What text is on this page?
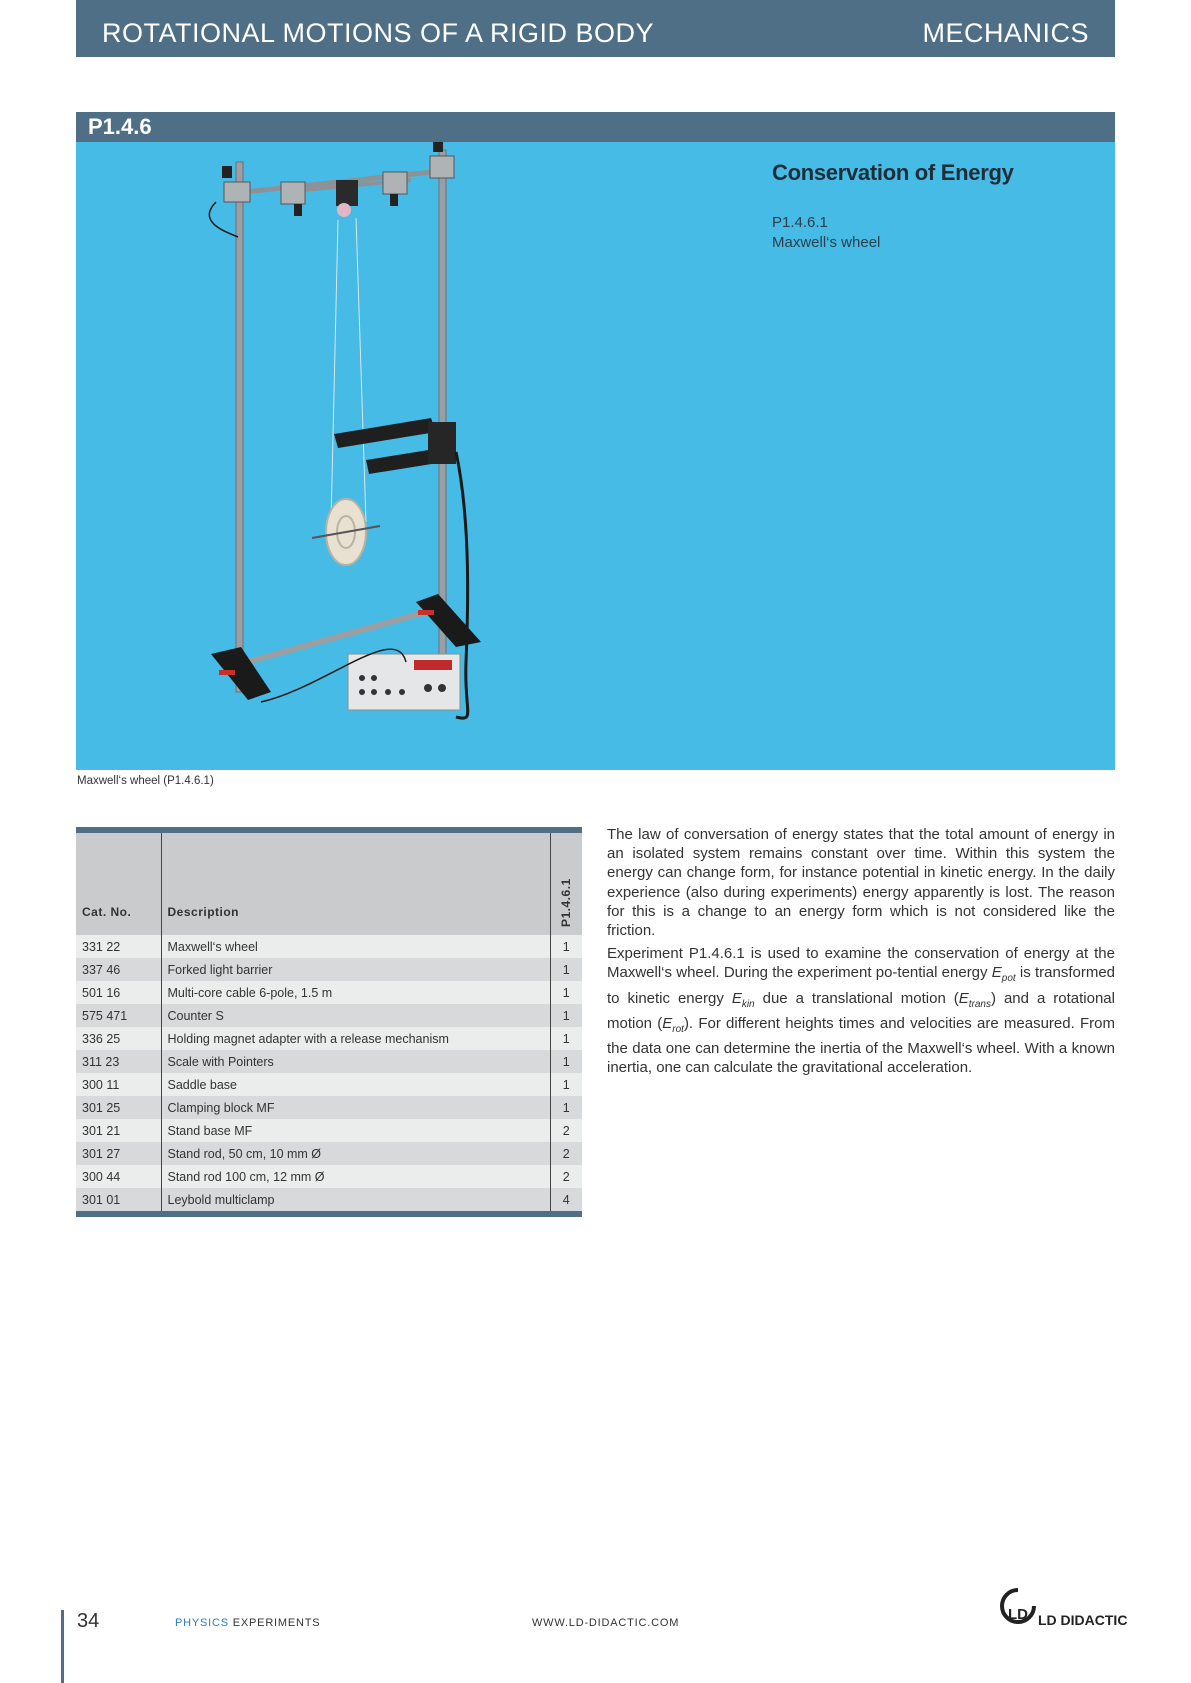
ROTATIONAL MOTIONS OF A RIGID BODY	MECHANICS
P1.4.6
Conservation of Energy
P1.4.6.1
Maxwell‘s wheel
Maxwell‘s wheel (P1.4.6.1)
Cat. No.	Description	P1.4.6.1

331 22	Maxwell‘s wheel	1
337 46	Forked light barrier	1
501 16	Multi-core cable 6-pole, 1.5 m	1
575 471	Counter S	1
336 25	Holding magnet adapter with a release mechanism	1
311 23	Scale with Pointers	1
300 11	Saddle base	1
301 25	Clamping block MF	1
301 21	Stand base MF	2
301 27	Stand rod, 50 cm, 10 mm Ø	2
300 44	Stand rod 100 cm, 12 mm Ø	2
301 01	Leybold multiclamp	4

The law of conversation of energy states that the total amount of energy in an isolated system remains constant over time. Within this system the energy can change form, for instance potential in kinetic energy. In the daily experience (also during experiments) energy apparently is lost. The reason for this is a change to an energy form which is not considered like the friction.

Experiment P1.4.6.1 is used to examine the conservation of energy at the Maxwell‘s wheel. During the experiment po-tential energy $E_{pot}$ is transformed to kinetic energy $E_{kin}$ due a translational motion $(E_{trans})$ and a rotational motion $(E_{rot})$. For different heights times and velocities are measured. From the data one can determine the inertia of the Maxwell‘s wheel. With a known inertia, one can calculate the gravitational acceleration.

34	PHYSICS EXPERIMENTS	WWW.LD-DIDACTIC.COM	LD LD DIDACTIC
